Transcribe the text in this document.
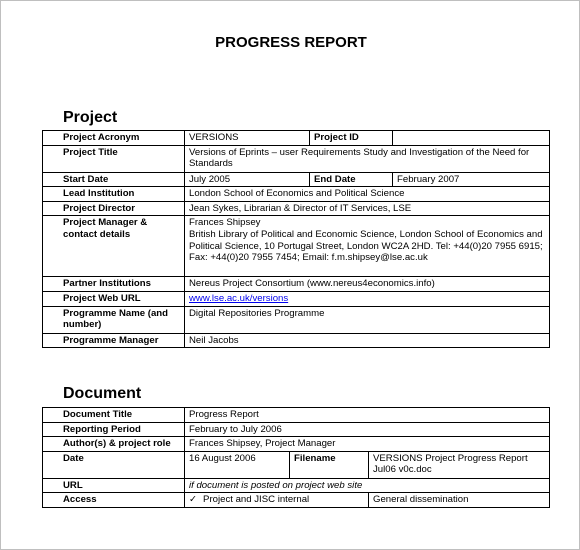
PROGRESS REPORT
Project
Project Acronym	VERSIONS	Project ID	
Project Title	Versions of Eprints – user Requirements Study and Investigation of the Need for Standards		
Start Date	July 2005	End Date	February 2007
Lead Institution	London School of Economics and Political Science		
Project Director	Jean Sykes, Librarian & Director of IT Services, LSE		
Project Manager & contact details	Frances Shipsey
British Library of Political and Economic Science, London School of Economics and Political Science, 10 Portugal Street, London WC2A 2HD. Tel: +44(0)20 7955 6915; Fax: +44(0)20 7955 7454; Email: f.m.shipsey@lse.ac.uk		

Partner Institutions	Nereus Project Consortium (www.nereus4economics.info)		
Project Web URL	www.lse.ac.uk/versions		
Programme Name (and number)	Digital Repositories Programme		
Programme Manager	Neil Jacobs		
Document
Document Title	Progress Report		
Reporting Period	February to July 2006		
Author(s) & project role	Frances Shipsey, Project Manager		
Date	16 August 2006	Filename	VERSIONS Project Progress Report Jul06 v0c.doc
URL	if document is posted on project web site		
Access	✓ Project and JISC internal		General dissemination
